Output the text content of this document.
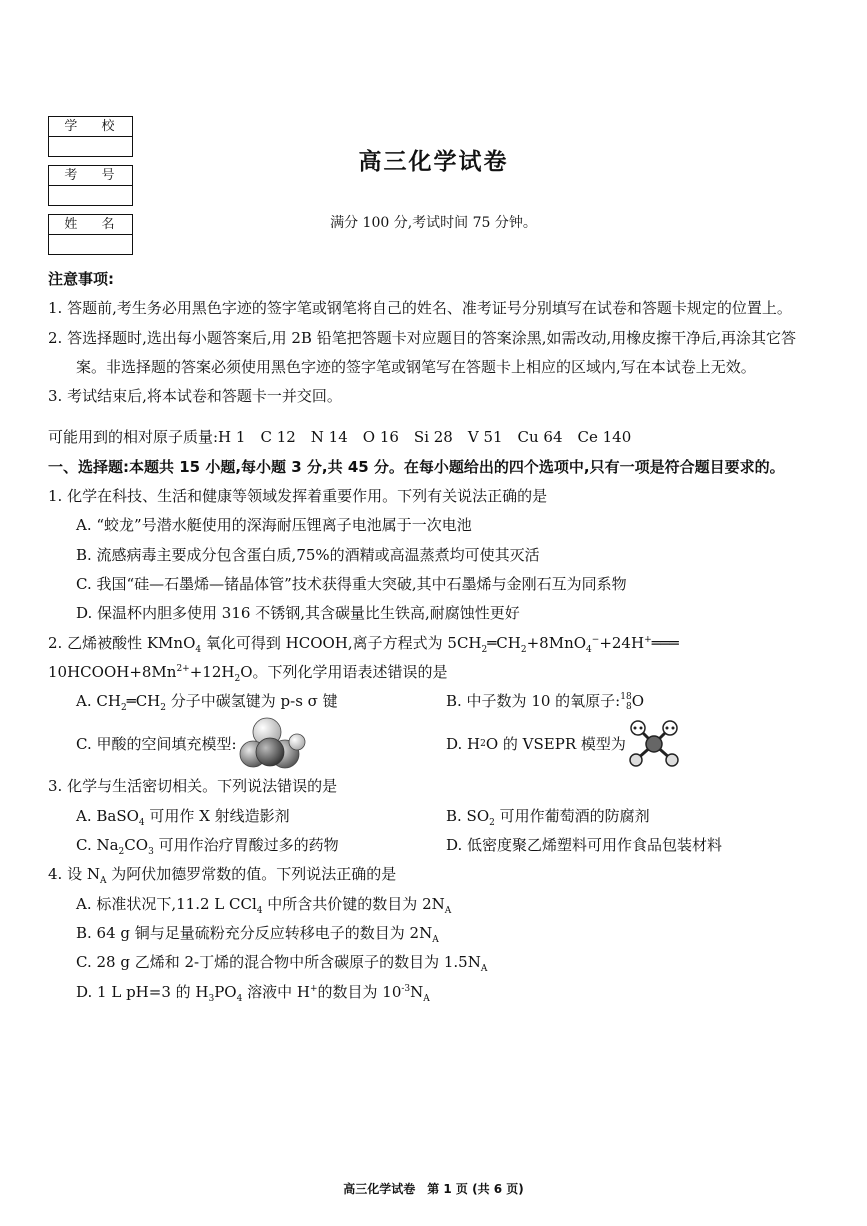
学 校
考 号
姓 名
高三化学试卷
满分 100 分,考试时间 75 分钟。
注意事项:
1. 答题前,考生务必用黑色字迹的签字笔或钢笔将自己的姓名、准考证号分别填写在试卷和答题卡规定的位置上。
2. 答选择题时,选出每小题答案后,用 2B 铅笔把答题卡对应题目的答案涂黑,如需改动,用橡皮擦干净后,再涂其它答案。非选择题的答案必须使用黑色字迹的签字笔或钢笔写在答题卡上相应的区域内,写在本试卷上无效。
3. 考试结束后,将本试卷和答题卡一并交回。
可能用到的相对原子质量:H 1　C 12　N 14　O 16　Si 28　V 51　Cu 64　Ce 140
一、选择题:本题共 15 小题,每小题 3 分,共 45 分。在每小题给出的四个选项中,只有一项是符合题目要求的。
1. 化学在科技、生活和健康等领域发挥着重要作用。下列有关说法正确的是
A. “蛟龙”号潜水艇使用的深海耐压锂离子电池属于一次电池
B. 流感病毒主要成分包含蛋白质,75%的酒精或高温蒸煮均可使其灭活
C. 我国“硅—石墨烯—锗晶体管”技术获得重大突破,其中石墨烯与金刚石互为同系物
D. 保温杯内胆多使用 316 不锈钢,其含碳量比生铁高,耐腐蚀性更好
2. 乙烯被酸性 KMnO$_4$ 氧化可得到 HCOOH,离子方程式为 $5CH_2═CH_2+8MnO_4^-+24H^+═══$
$10HCOOH+8Mn^{2+}+12H_2O$。下列化学用语表述错误的是
A. $CH_2═CH_2$ 分子中碳氢键为 p-s σ 键	B. 中子数为 10 的氧原子: 18
8 O
C. 甲酸的空间填充模型:	D. H 2 O 的 VSEPR 模型为
3. 化学与生活密切相关。下列说法错误的是
A. BaSO$_4$ 可用作 X 射线造影剂	B. $SO_2$ 可用作葡萄酒的防腐剂
C. $Na_2CO_3$ 可用作治疗胃酸过多的药物	D. 低密度聚乙烯塑料可用作食品包装材料
4. 设 $N_A$ 为阿伏加德罗常数的值。下列说法正确的是
A. 标准状况下,11.2 L CCl$_4$ 中所含共价键的数目为 $2N_A$
B. 64 g 铜与足量硫粉充分反应转移电子的数目为 $2N_A$
C. 28 g 乙烯和 2-丁烯的混合物中所含碳原子的数目为 $1.5N_A$
D. 1 L pH=3 的 $H_3PO_4$ 溶液中 H+的数目为 $10^{-3}N_A$
高三化学试卷　第 1 页 (共 6 页)
